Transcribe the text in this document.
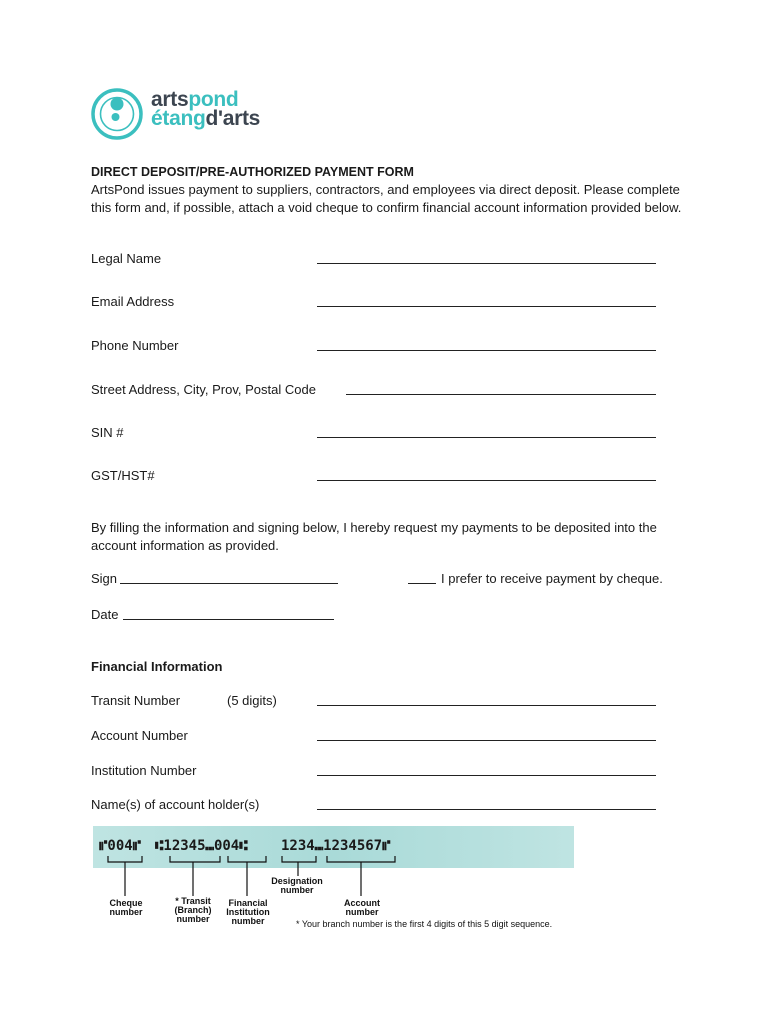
artspond
étangd'arts
DIRECT DEPOSIT/PRE-AUTHORIZED PAYMENT FORM
ArtsPond issues payment to suppliers, contractors, and employees via direct deposit. Please complete this form and, if possible, attach a void cheque to confirm financial account information provided below.
Legal Name
Email Address
Phone Number
Street Address, City, Prov, Postal Code
SIN #
GST/HST#
By filling the information and signing below, I hereby request my payments to be deposited into the account information as provided.
Sign	I prefer to receive payment by cheque.
Date
Financial Information
Transit Number	(5 digits)
Account Number
Institution Number
Name(s) of account holder(s)
⑈004⑈ ⑆12345⑉004⑆ 1234⑉1234567⑈
Cheque
number
* Transit
(Branch)
number
Financial
Institution
number
Designation
number
Account
number
* Your branch number is the first 4 digits of this 5 digit sequence.
